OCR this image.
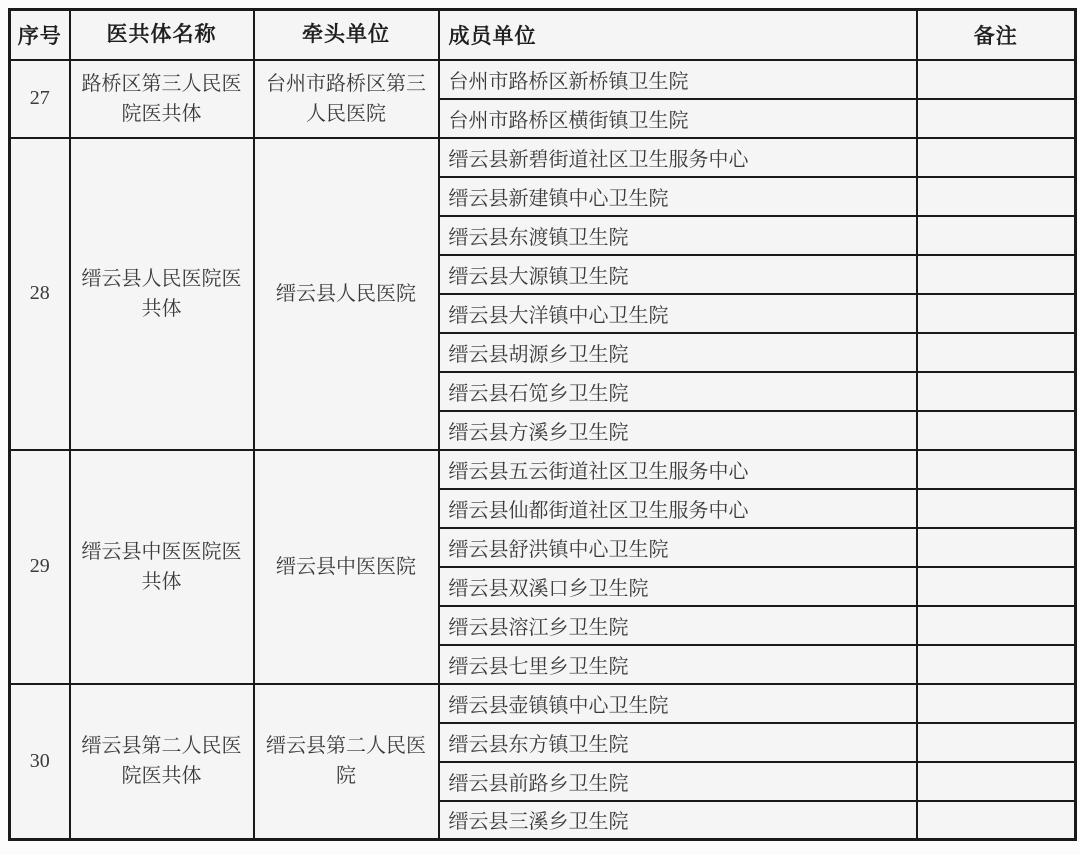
序号	医共体名称	牵头单位	成员单位	备注
27	路桥区第三人民医院医共体	台州市路桥区第三人民医院	台州市路桥区新桥镇卫生院	
			台州市路桥区横街镇卫生院	
28	缙云县人民医院医共体	缙云县人民医院	缙云县新碧街道社区卫生服务中心	
			缙云县新建镇中心卫生院	
			缙云县东渡镇卫生院	
			缙云县大源镇卫生院	
			缙云县大洋镇中心卫生院	
			缙云县胡源乡卫生院	
			缙云县石笕乡卫生院	
			缙云县方溪乡卫生院	
29	缙云县中医医院医共体	缙云县中医医院	缙云县五云街道社区卫生服务中心	
			缙云县仙都街道社区卫生服务中心	
			缙云县舒洪镇中心卫生院	
			缙云县双溪口乡卫生院	
			缙云县溶江乡卫生院	
			缙云县七里乡卫生院	
30	缙云县第二人民医院医共体	缙云县第二人民医院	缙云县壶镇镇中心卫生院	
			缙云县东方镇卫生院	
			缙云县前路乡卫生院	
			缙云县三溪乡卫生院	
